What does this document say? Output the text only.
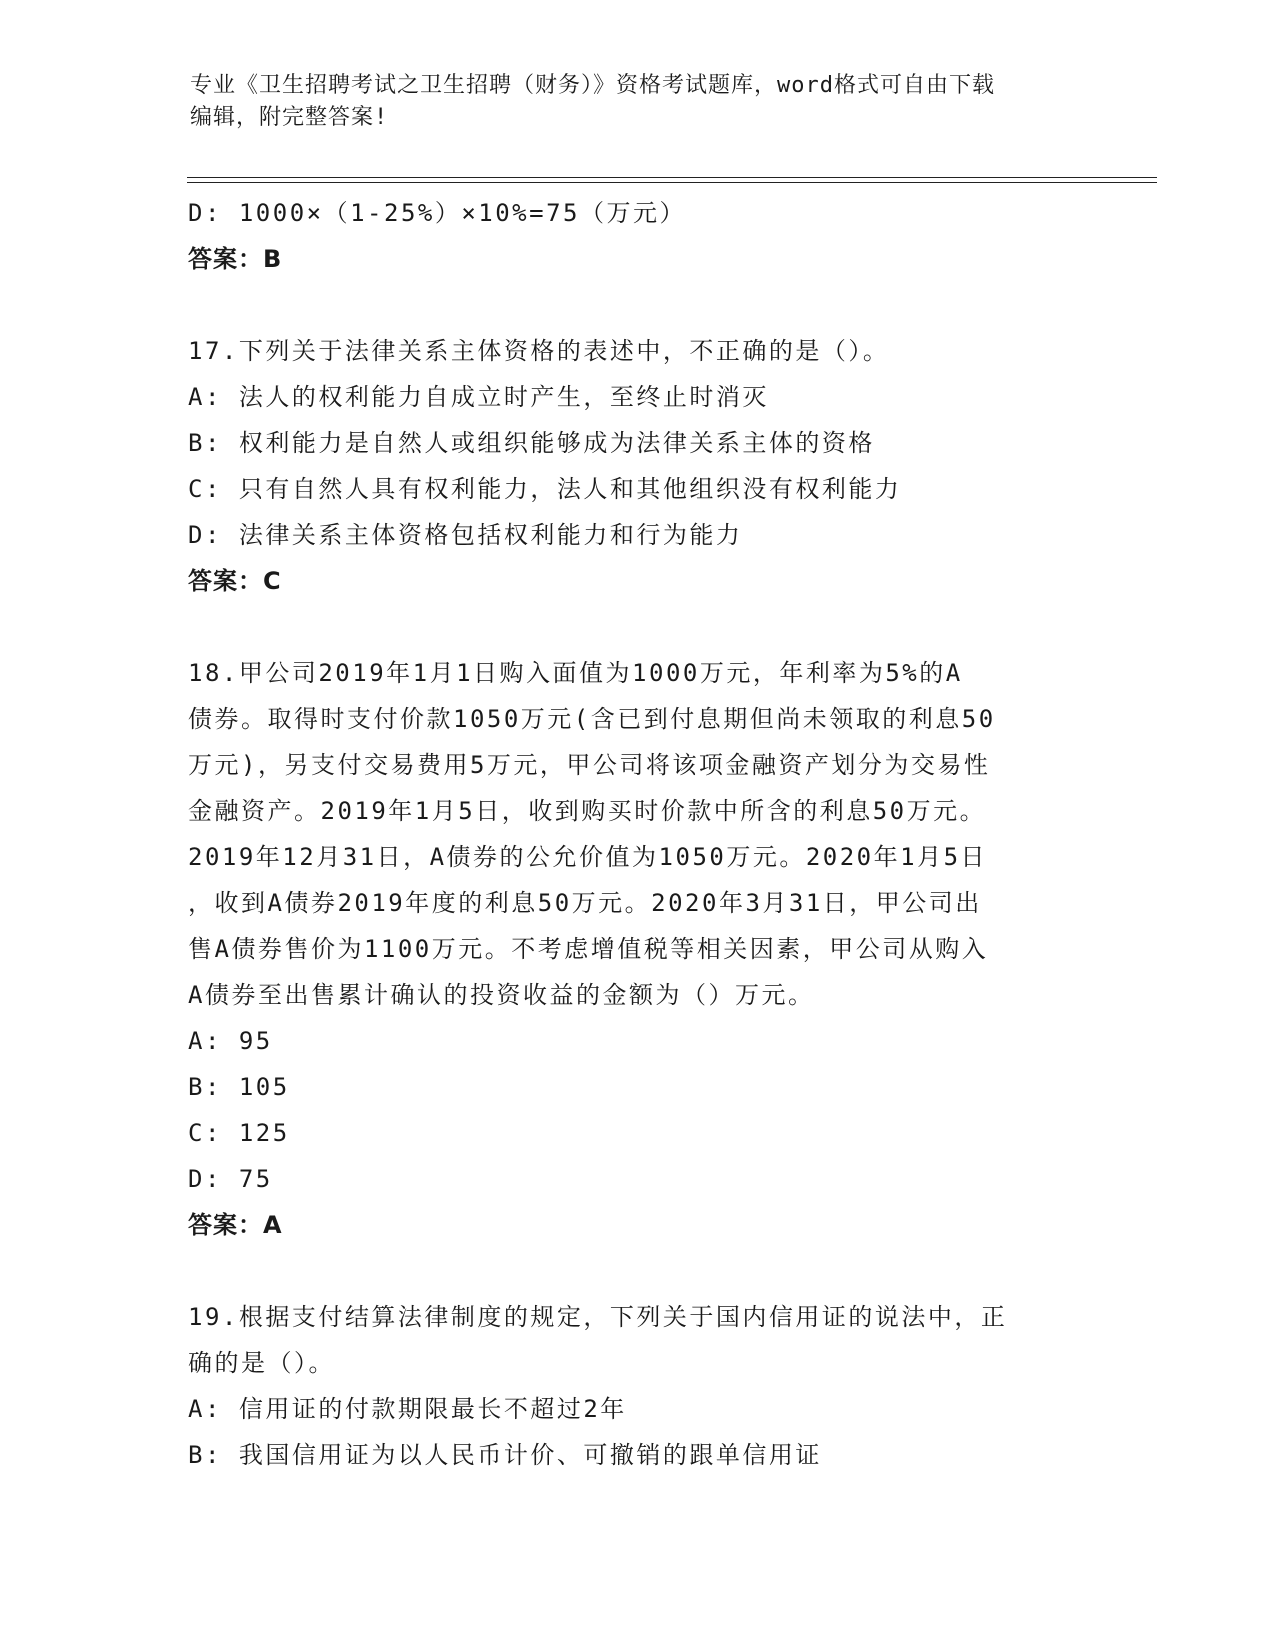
专业《卫生招聘考试之卫生招聘（财务）》资格考试题库，word格式可自由下载
编辑，附完整答案!
D: 1000×（1-25%）×10%=75（万元）
答案：B
17.下列关于法律关系主体资格的表述中，不正确的是（）。
A: 法人的权利能力自成立时产生，至终止时消灭
B: 权利能力是自然人或组织能够成为法律关系主体的资格
C: 只有自然人具有权利能力，法人和其他组织没有权利能力
D: 法律关系主体资格包括权利能力和行为能力
答案：C
18.甲公司2019年1月1日购入面值为1000万元，年利率为5%的A
债券。取得时支付价款1050万元(含已到付息期但尚未领取的利息50
万元)，另支付交易费用5万元，甲公司将该项金融资产划分为交易性
金融资产。2019年1月5日，收到购买时价款中所含的利息50万元。
2019年12月31日，A债券的公允价值为1050万元。2020年1月5日
，收到A债券2019年度的利息50万元。2020年3月31日，甲公司出
售A债券售价为1100万元。不考虑增值税等相关因素，甲公司从购入
A债券至出售累计确认的投资收益的金额为（）万元。
A: 95
B: 105
C: 125
D: 75
答案：A
19.根据支付结算法律制度的规定，下列关于国内信用证的说法中，正
确的是（）。
A: 信用证的付款期限最长不超过2年
B: 我国信用证为以人民币计价、可撤销的跟单信用证
